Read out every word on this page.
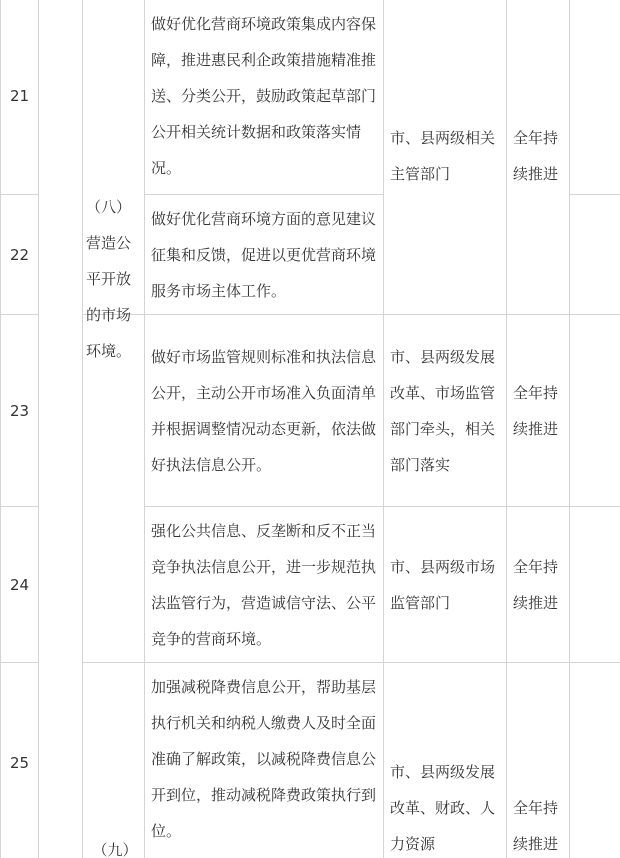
21			做好优化营商环境政策集成内容保障，推进惠民利企政策措施精准推送、分类公开，鼓励政策起草部门公开相关统计数据和政策落实情况。	市、县两级相关主管部门	全年持续推进	
22			做好优化营商环境方面的意见建议征集和反馈，促进以更优营商环境服务市场主体工作。			
23		（八）营造公平开放的市场环境。	做好市场监管规则标准和执法信息公开，主动公开市场准入负面清单并根据调整情况动态更新，依法做好执法信息公开。	市、县两级发展改革、市场监管部门牵头，相关部门落实	全年持续推进	
24			强化公共信息、反垄断和反不正当竞争执法信息公开，进一步规范执法监管行为，营造诚信守法、公平竞争的营商环境。	市、县两级市场监管部门	全年持续推进	
25		（九）	加强减税降费信息公开，帮助基层执行机关和纳税人缴费人及时全面准确了解政策，以减税降费信息公开到位，推动减税降费政策执行到位。	市、县两级发展改革、财政、人力资源	全年持续推进	
